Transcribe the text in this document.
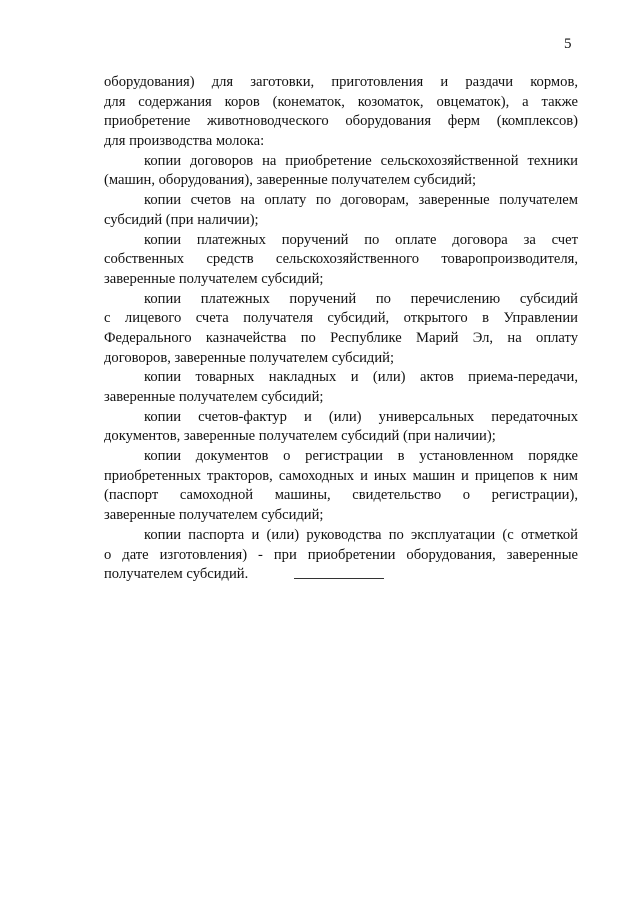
5
оборудования) для заготовки, приготовления и раздачи кормов,
для содержания коров (конематок, козоматок, овцематок), а также
приобретение животноводческого оборудования ферм (комплексов)
для производства молока:
копии договоров на приобретение сельскохозяйственной техники
(машин, оборудования), заверенные получателем субсидий;
копии счетов на оплату по договорам, заверенные получателем
субсидий (при наличии);
копии платежных поручений по оплате договора за счет
собственных средств сельскохозяйственного товаропроизводителя,
заверенные получателем субсидий;
копии платежных поручений по перечислению субсидий
с лицевого счета получателя субсидий, открытого в Управлении
Федерального казначейства по Республике Марий Эл, на оплату
договоров, заверенные получателем субсидий;
копии товарных накладных и (или) актов приема-передачи,
заверенные получателем субсидий;
копии счетов-фактур и (или) универсальных передаточных
документов, заверенные получателем субсидий (при наличии);
копии документов о регистрации в установленном порядке
приобретенных тракторов, самоходных и иных машин и прицепов к ним
(паспорт самоходной машины, свидетельство о регистрации),
заверенные получателем субсидий;
копии паспорта и (или) руководства по эксплуатации (с отметкой
о дате изготовления) - при приобретении оборудования, заверенные
получателем субсидий.
